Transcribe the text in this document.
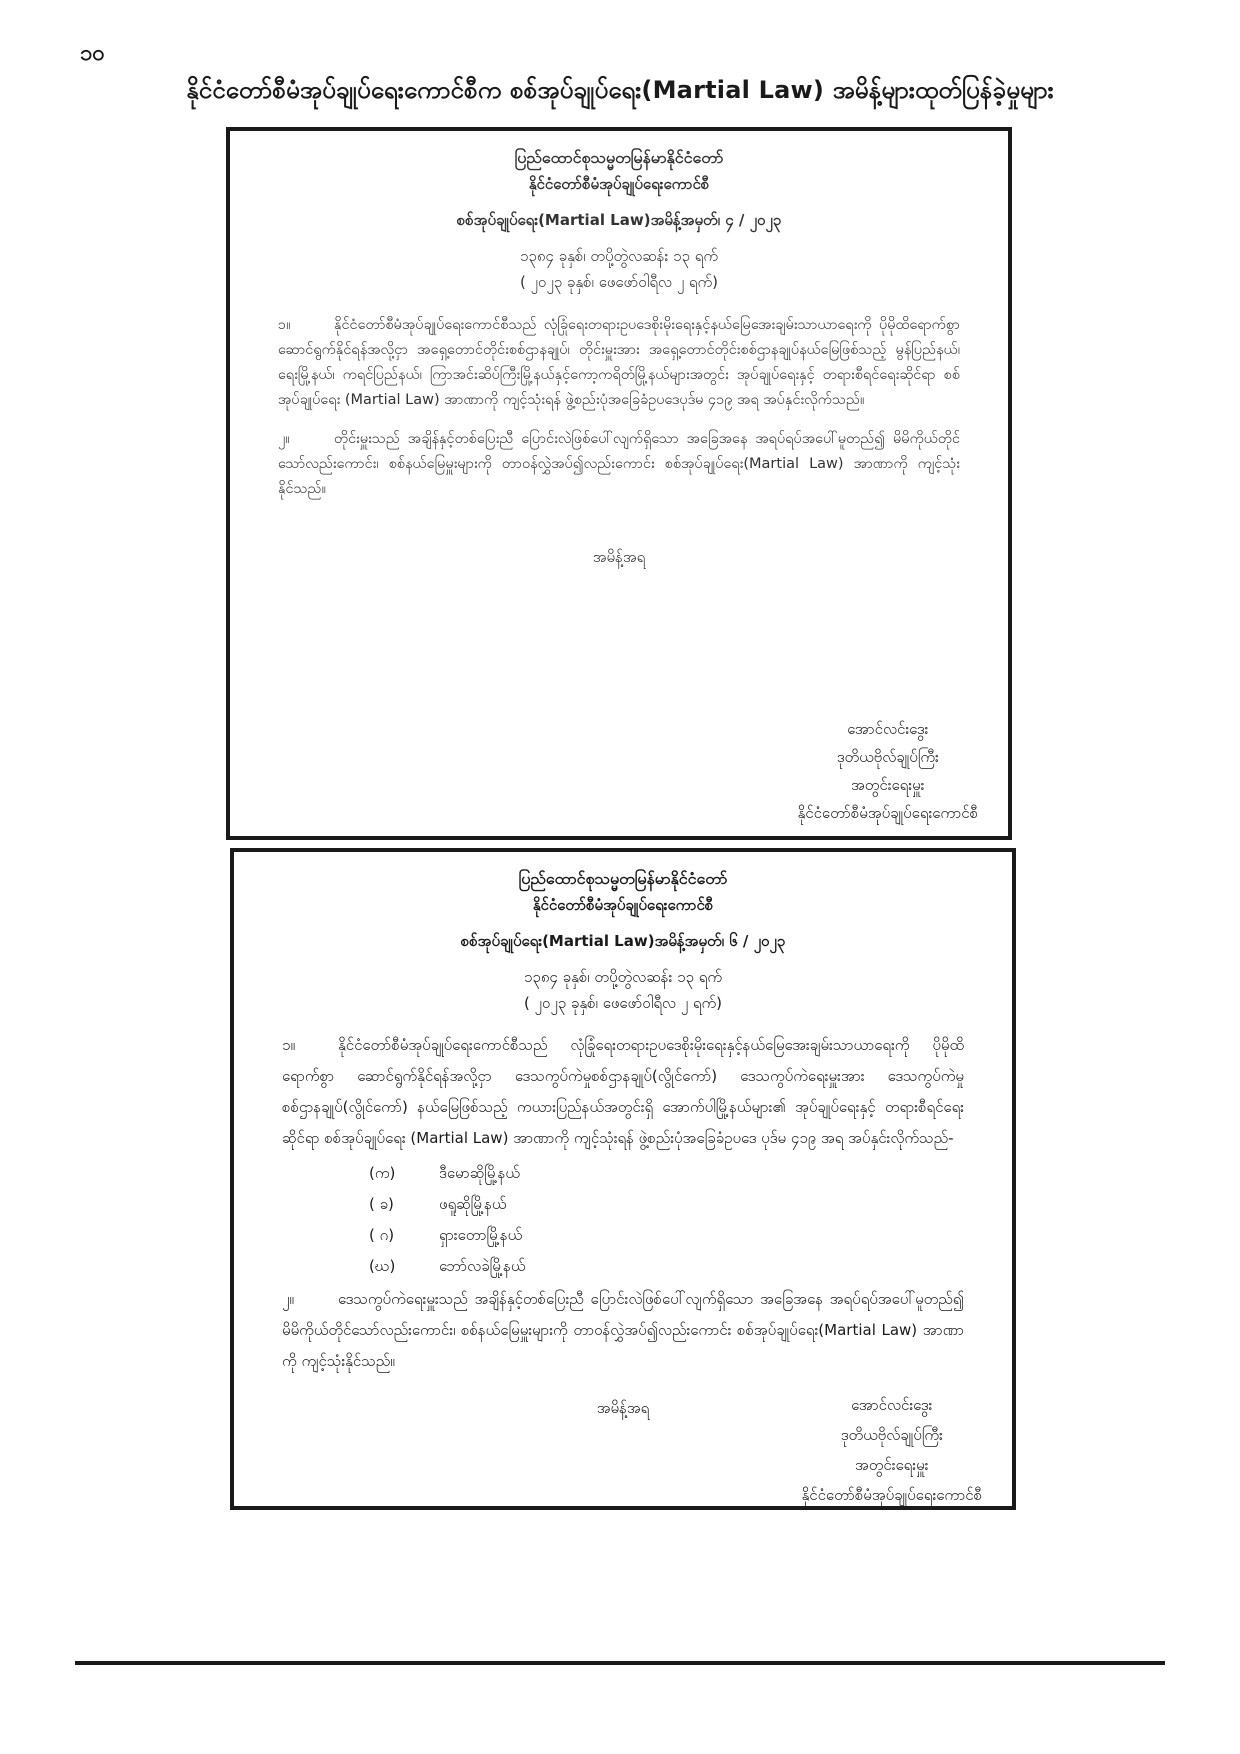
၁၀
နိုင်ငံတော်စီမံအုပ်ချုပ်ရေးကောင်စီက စစ်အုပ်ချုပ်ရေး(Martial Law) အမိန့်များထုတ်ပြန်ခဲ့မှုများ

ပြည်ထောင်စုသမ္မတမြန်မာနိုင်ငံတော်

နိုင်ငံတော်စီမံအုပ်ချုပ်ရေးကောင်စီ

စစ်အုပ်ချုပ်ရေး(Martial Law)အမိန့်အမှတ်၊ ၄ / ၂၀၂၃

၁၃၈၄ ခုနှစ်၊ တပို့တွဲလဆန်း ၁၃ ရက်

( ၂၀၂၃ ခုနှစ်၊ ဖေဖော်ဝါရီလ ၂ ရက်)

၁။	နိုင်ငံတော်စီမံအုပ်ချုပ်ရေးကောင်စီသည် လုံခြုံရေးတရားဥပဒေစိုးမိုးရေးနှင့်နယ်မြေအေးချမ်းသာယာရေးကို ပိုမိုထိရောက်စွာဆောင်ရွက်နိုင်ရန်အလို့ငှာ အရှေ့တောင်တိုင်းစစ်ဌာနချုပ်၊ တိုင်းမှူးအား အရှေ့တောင်တိုင်းစစ်ဌာနချုပ်နယ်မြေဖြစ်သည့် မွန်ပြည်နယ်၊ ရေးမြို့နယ်၊ ကရင်ပြည်နယ်၊ ကြာအင်းဆိပ်ကြီးမြို့နယ်နှင့်ကော့ကရိတ်မြို့နယ်များအတွင်း အုပ်ချုပ်ရေးနှင့် တရားစီရင်ရေးဆိုင်ရာ စစ်အုပ်ချုပ်ရေး (Martial Law) အာဏာကို ကျင့်သုံးရန် ဖွဲ့စည်းပုံအခြေခံဥပဒေပုဒ်မ ၄၁၉ အရ အပ်နှင်းလိုက်သည်။

၂။	တိုင်းမှူးသည် အချိန်နှင့်တစ်ပြေးညီ ပြောင်းလဲဖြစ်ပေါ်လျက်ရှိသော အခြေအနေ အရပ်ရပ်အပေါ်မူတည်၍ မိမိကိုယ်တိုင်သော်လည်းကောင်း၊ စစ်နယ်မြေမှူးများကို တာဝန်လွှဲအပ်၍လည်းကောင်း စစ်အုပ်ချုပ်ရေး(Martial Law) အာဏာကို ကျင့်သုံးနိုင်သည်။

အမိန့်အရ

အောင်လင်းဒွေး
ဒုတိယဗိုလ်ချုပ်ကြီး
အတွင်းရေးမှူး
နိုင်ငံတော်စီမံအုပ်ချုပ်ရေးကောင်စီ

ပြည်ထောင်စုသမ္မတမြန်မာနိုင်ငံတော်

နိုင်ငံတော်စီမံအုပ်ချုပ်ရေးကောင်စီ

စစ်အုပ်ချုပ်ရေး(Martial Law)အမိန့်အမှတ်၊ ၆ / ၂၀၂၃

၁၃၈၄ ခုနှစ်၊ တပို့တွဲလဆန်း ၁၃ ရက်

( ၂၀၂၃ ခုနှစ်၊ ဖေဖော်ဝါရီလ ၂ ရက်)

၁။	နိုင်ငံတော်စီမံအုပ်ချုပ်ရေးကောင်စီသည် လုံခြုံရေးတရားဥပဒေစိုးမိုးရေးနှင့်နယ်မြေအေးချမ်းသာယာရေးကို ပိုမိုထိရောက်စွာ ဆောင်ရွက်နိုင်ရန်အလို့ငှာ ဒေသကွပ်ကဲမှုစစ်ဌာနချုပ်(လွိုင်ကော်) ဒေသကွပ်ကဲရေးမှူးအား ဒေသကွပ်ကဲမှုစစ်ဌာနချုပ်(လွိုင်ကော်) နယ်မြေဖြစ်သည့် ကယားပြည်နယ်အတွင်းရှိ အောက်ပါမြို့နယ်များ၏ အုပ်ချုပ်ရေးနှင့် တရားစီရင်ရေးဆိုင်ရာ စစ်အုပ်ချုပ်ရေး (Martial Law) အာဏာကို ကျင့်သုံးရန် ဖွဲ့စည်းပုံအခြေခံဥပဒေ ပုဒ်မ ၄၁၉ အရ အပ်နှင်းလိုက်သည်-

(က)	ဒီမောဆိုမြို့နယ်
( ခ)	ဖရူဆိုမြို့နယ်
( ဂ)	ရှားတောမြို့နယ်
(ဃ)	ဘော်လခဲမြို့နယ်

၂။	ဒေသကွပ်ကဲရေးမှူးသည် အချိန်နှင့်တစ်ပြေးညီ ပြောင်းလဲဖြစ်ပေါ်လျက်ရှိသော အခြေအနေ အရပ်ရပ်အပေါ်မူတည်၍ မိမိကိုယ်တိုင်သော်လည်းကောင်း၊ စစ်နယ်မြေမှူးများကို တာဝန်လွှဲအပ်၍လည်းကောင်း စစ်အုပ်ချုပ်ရေး(Martial Law) အာဏာကို ကျင့်သုံးနိုင်သည်။

အမိန့်အရ	အောင်လင်းဒွေး
ဒုတိယဗိုလ်ချုပ်ကြီး
အတွင်းရေးမှူး
နိုင်ငံတော်စီမံအုပ်ချုပ်ရေးကောင်စီ
